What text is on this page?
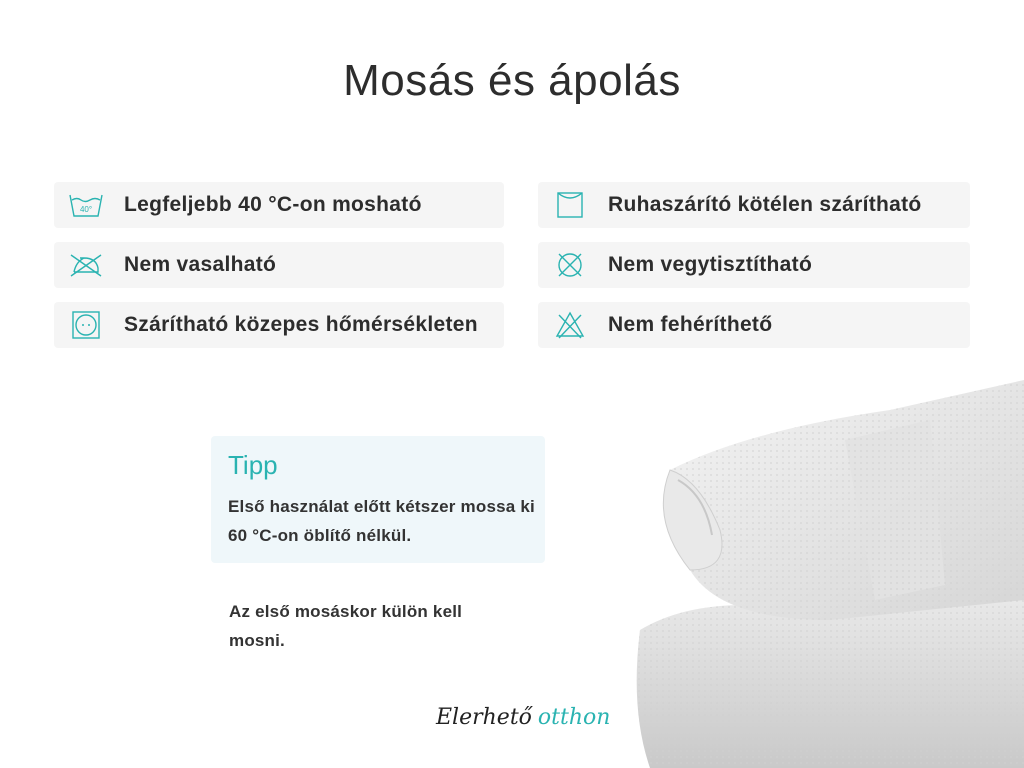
Mosás és ápolás
40° Legfeljebb 40 °C-on mosható
Nem vasalható
Szárítható közepes hőmérsékleten
Ruhaszárító kötélen szárítható
Nem vegytisztítható
Nem fehéríthető
Tipp
Első használat előtt kétszer mossa ki 60 °C-on öblítő nélkül.
Az első mosáskor külön kell mosni.
Elerhető otthon
